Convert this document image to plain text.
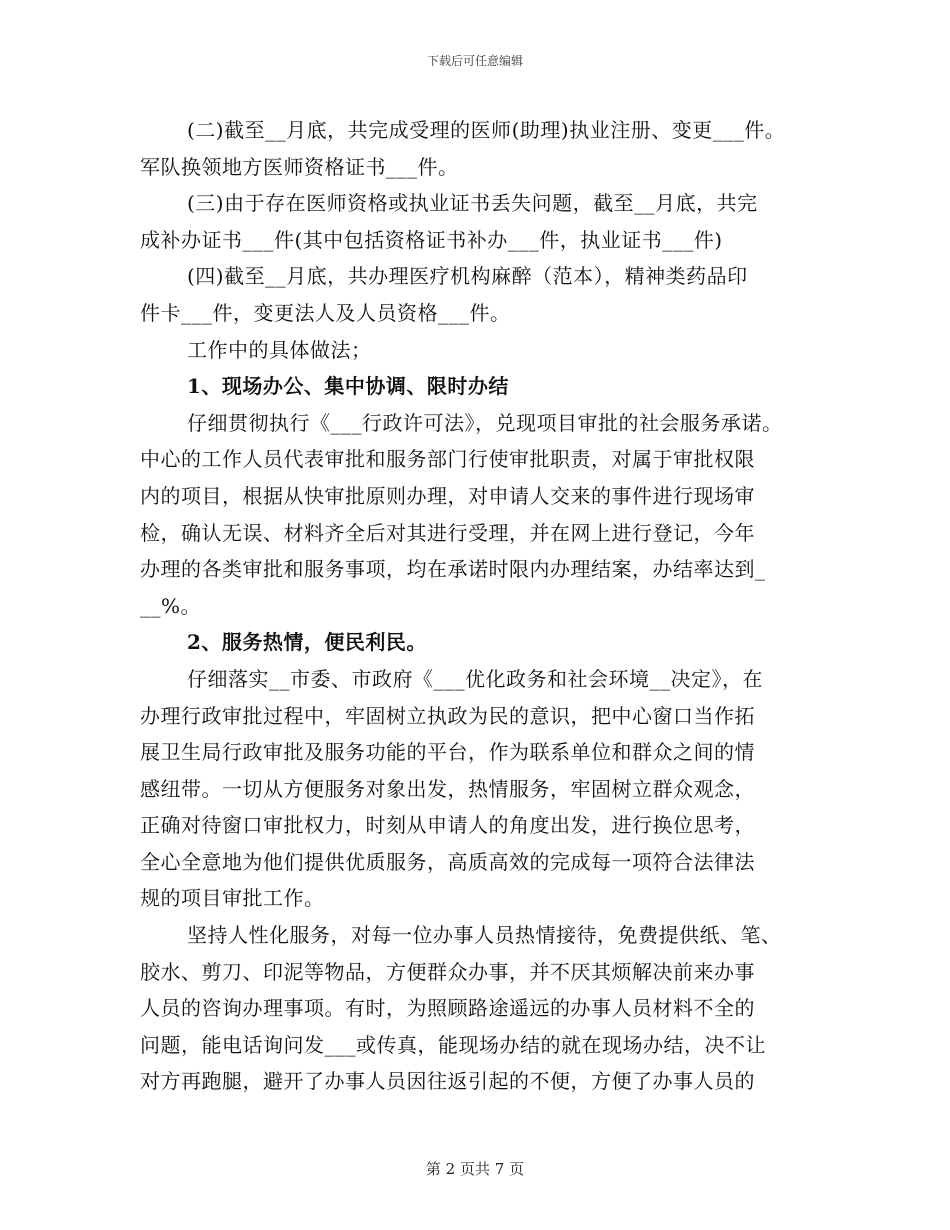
下载后可任意编辑
(二)截至__月底，共完成受理的医师(助理)执业注册、变更___件。
军队换领地方医师资格证书___件。
(三)由于存在医师资格或执业证书丢失问题，截至__月底，共完
成补办证书___件(其中包括资格证书补办___件，执业证书___件)
(四)截至__月底，共办理医疗机构麻醉（范本），精神类药品印
件卡___件，变更法人及人员资格___件。
工作中的具体做法；
1、现场办公、集中协调、限时办结
仔细贯彻执行《___行政许可法》，兑现项目审批的社会服务承诺。
中心的工作人员代表审批和服务部门行使审批职责，对属于审批权限
内的项目，根据从快审批原则办理，对申请人交来的事件进行现场审
检，确认无误、材料齐全后对其进行受理，并在网上进行登记，今年
办理的各类审批和服务事项，均在承诺时限内办理结案，办结率达到_
__%。
2、服务热情，便民利民。
仔细落实__市委、市政府《___优化政务和社会环境__决定》，在
办理行政审批过程中，牢固树立执政为民的意识，把中心窗口当作拓
展卫生局行政审批及服务功能的平台，作为联系单位和群众之间的情
感纽带。一切从方便服务对象出发，热情服务，牢固树立群众观念，
正确对待窗口审批权力，时刻从申请人的角度出发，进行换位思考，
全心全意地为他们提供优质服务，高质高效的完成每一项符合法律法
规的项目审批工作。
坚持人性化服务，对每一位办事人员热情接待，免费提供纸、笔、
胶水、剪刀、印泥等物品，方便群众办事，并不厌其烦解决前来办事
人员的咨询办理事项。有时，为照顾路途遥远的办事人员材料不全的
问题，能电话询问发___或传真，能现场办结的就在现场办结，决不让
对方再跑腿，避开了办事人员因往返引起的不便，方便了办事人员的
第 2 页共 7 页
